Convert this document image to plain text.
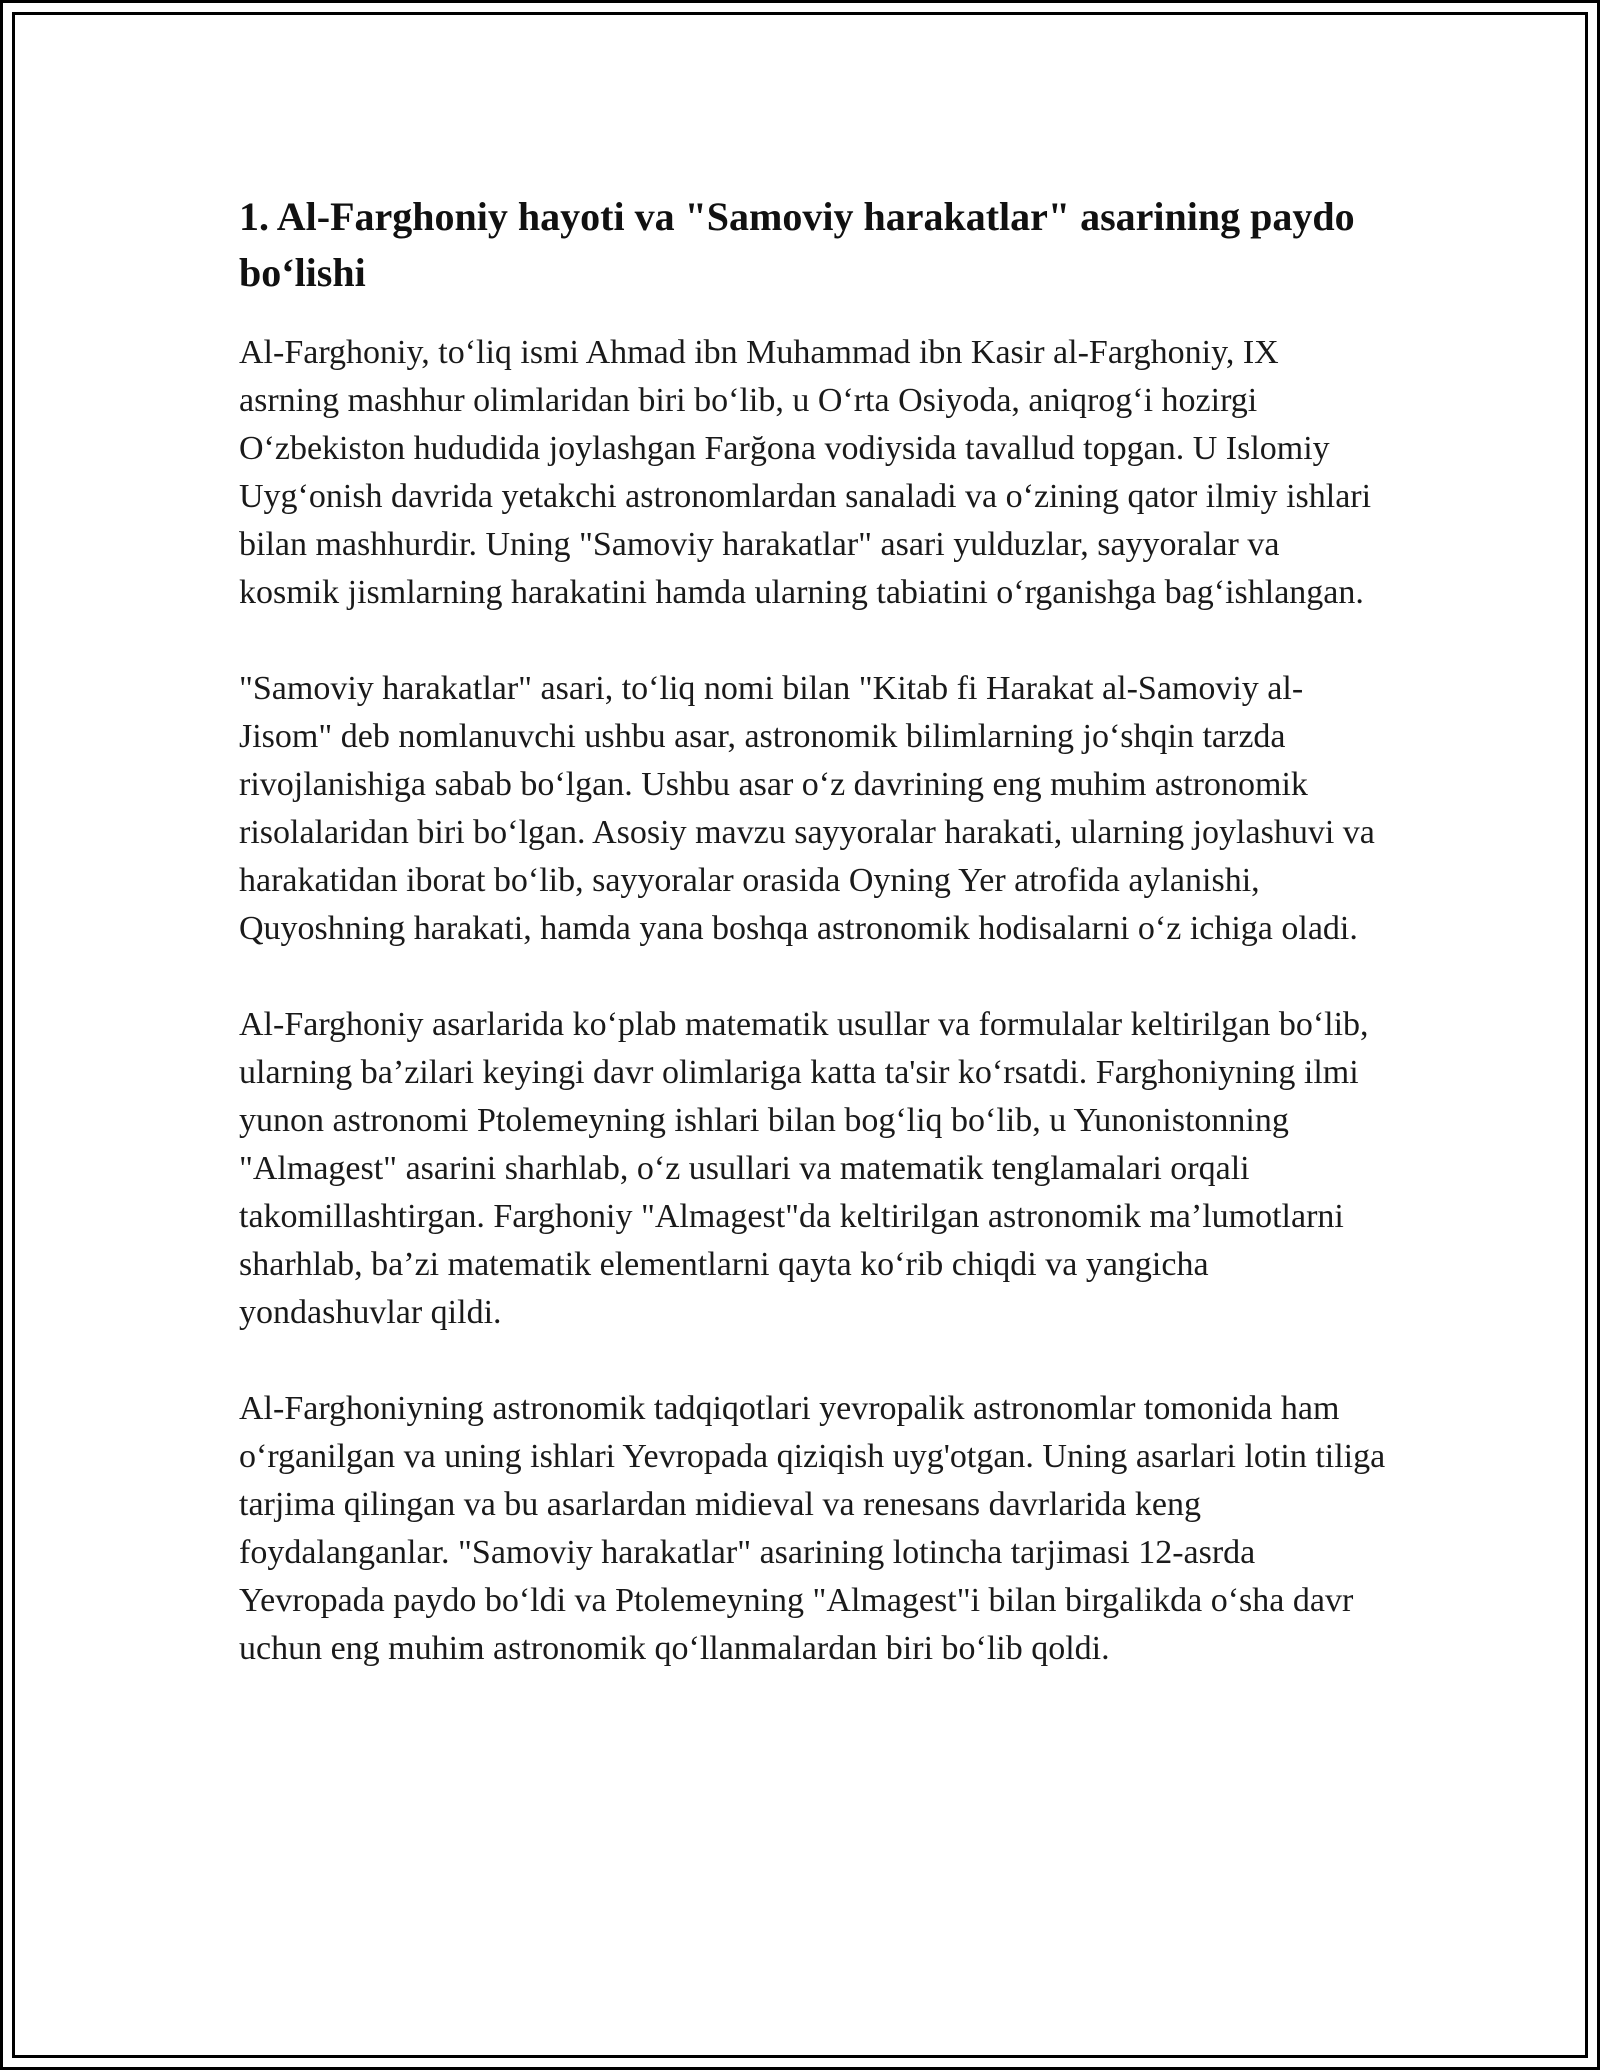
1. Al-Farghoniy hayoti va "Samoviy harakatlar" asarining paydo bo‘lishi

Al-Farghoniy, to‘liq ismi Ahmad ibn Muhammad ibn Kasir al-Farghoniy, IX asrning mashhur olimlaridan biri bo‘lib, u O‘rta Osiyoda, aniqrog‘i hozirgi O‘zbekiston hududida joylashgan Farğona vodiysida tavallud topgan. U Islomiy Uyg‘onish davrida yetakchi astronomlardan sanaladi va o‘zining qator ilmiy ishlari bilan mashhurdir. Uning "Samoviy harakatlar" asari yulduzlar, sayyoralar va kosmik jismlarning harakatini hamda ularning tabiatini o‘rganishga bag‘ishlangan.

"Samoviy harakatlar" asari, to‘liq nomi bilan "Kitab fi Harakat al-Samoviy al-Jisom" deb nomlanuvchi ushbu asar, astronomik bilimlarning jo‘shqin tarzda rivojlanishiga sabab bo‘lgan. Ushbu asar o‘z davrining eng muhim astronomik risolalaridan biri bo‘lgan. Asosiy mavzu sayyoralar harakati, ularning joylashuvi va harakatidan iborat bo‘lib, sayyoralar orasida Oyning Yer atrofida aylanishi, Quyoshning harakati, hamda yana boshqa astronomik hodisalarni o‘z ichiga oladi.

Al-Farghoniy asarlarida ko‘plab matematik usullar va formulalar keltirilgan bo‘lib, ularning ba’zilari keyingi davr olimlariga katta ta'sir ko‘rsatdi. Farghoniyning ilmi yunon astronomi Ptolemeyning ishlari bilan bog‘liq bo‘lib, u Yunonistonning "Almagest" asarini sharhlab, o‘z usullari va matematik tenglamalari orqali takomillashtirgan. Farghoniy "Almagest"da keltirilgan astronomik ma’lumotlarni sharhlab, ba’zi matematik elementlarni qayta ko‘rib chiqdi va yangicha yondashuvlar qildi.

Al-Farghoniyning astronomik tadqiqotlari yevropalik astronomlar tomonida ham o‘rganilgan va uning ishlari Yevropada qiziqish uyg'otgan. Uning asarlari lotin tiliga tarjima qilingan va bu asarlardan midieval va renesans davrlarida keng foydalanganlar. "Samoviy harakatlar" asarining lotincha tarjimasi 12-asrda Yevropada paydo bo‘ldi va Ptolemeyning "Almagest"i bilan birgalikda o‘sha davr uchun eng muhim astronomik qo‘llanmalardan biri bo‘lib qoldi.
